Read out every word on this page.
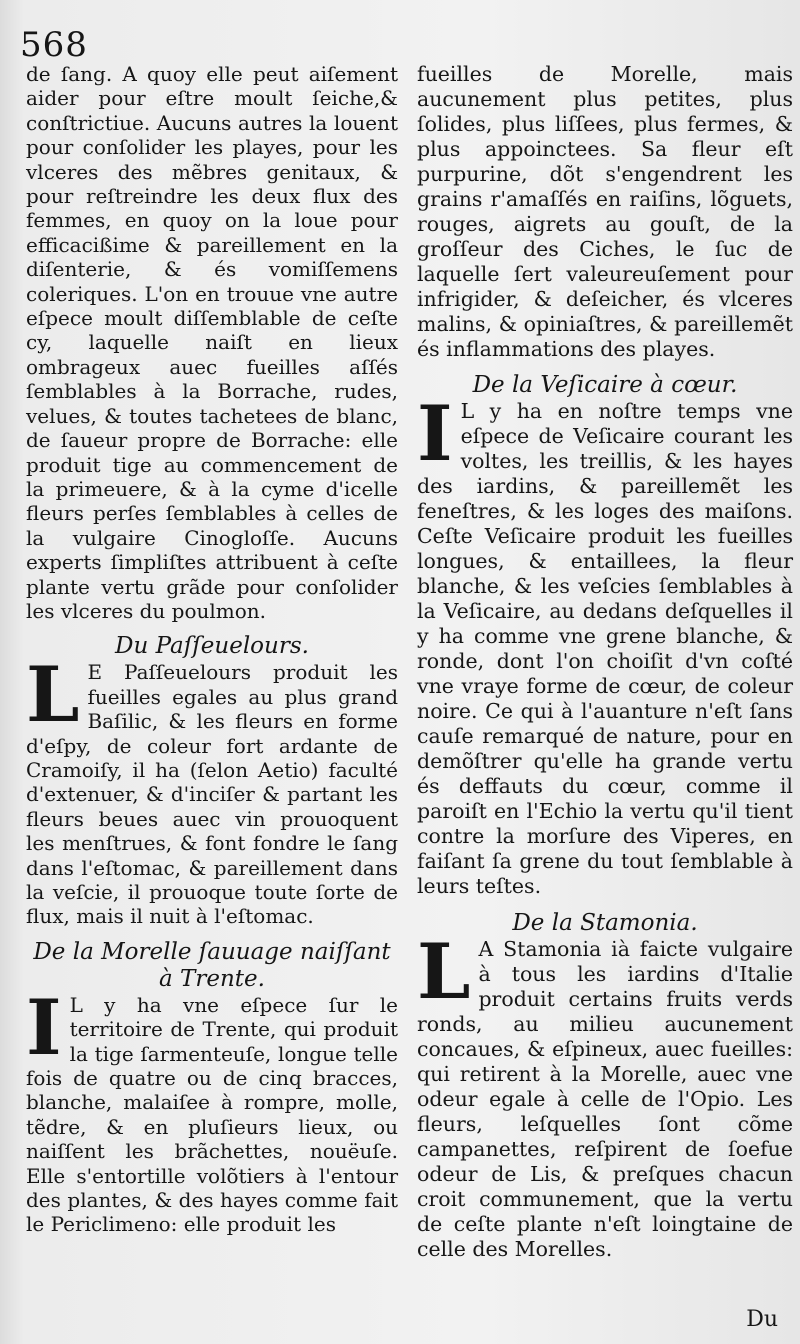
568

de ſang. A quoy elle peut aiſement aider pour eſtre moult ſeiche,& conſtrictiue. Aucuns autres la louent pour conſolider les playes, pour les vlceres des mẽbres genitaux, & pour reſtreindre les deux flux des femmes, en quoy on la loue pour efficacißime & pareillement en la diſenterie, & és vomiſſemens coleriques. L'on en trouue vne autre eſpece moult diſſemblable de ceſte cy, laquelle naiſt en lieux ombrageux auec fueilles aſſés ſemblables à la Borrache, rudes, velues, & toutes tachetees de blanc, de ſaueur propre de Borrache: elle produit tige au commencement de la primeuere, & à la cyme d'icelle fleurs perſes ſemblables à celles de la vulgaire Cinogloſſe. Aucuns experts ſimpliſtes attribuent à ceſte plante vertu grãde pour conſolider les vlceres du poulmon.

Du Paſſeuelours.

L E Paſſeuelours produit les fueilles egales au plus grand Baſilic, & les fleurs en forme d'eſpy, de coleur fort ardante de Cramoiſy, il ha (ſelon Aetio) faculté d'extenuer, & d'inciſer & partant les fleurs beues auec vin prouoquent les menſtrues, & font fondre le ſang dans l'eſtomac, & pareillement dans la veſcie, il prouoque toute ſorte de flux, mais il nuit à l'eſtomac.

De la Morelle ſauuage naiſſant à Trente.

I L y ha vne eſpece ſur le territoire de Trente, qui produit la tige ſarmenteuſe, longue telle fois de quatre ou de cinq bracces, blanche, malaiſee à rompre, molle, tẽdre, & en pluſieurs lieux, ou naiſſent les brãchettes, nouëuſe. Elle s'entortille volõtiers à l'entour des plantes, & des hayes comme fait le Periclimeno: elle produit les

fueilles de Morelle, mais aucunement plus petites, plus ſolides, plus liſſees, plus fermes, & plus appoinctees. Sa fleur eſt purpurine, dõt s'engendrent les grains r'amaſſés en raiſins, lõguets, rouges, aigrets au gouſt, de la groſſeur des Ciches, le ſuc de laquelle ſert valeureuſement pour infrigider, & deſeicher, és vlceres malins, & opiniaſtres, & pareillemẽt és inflammations des playes.

De la Veſicaire à cœur.

I L y ha en noſtre temps vne eſpece de Veſicaire courant les voltes, les treillis, & les hayes des iardins, & pareillemẽt les feneſtres, & les loges des maiſons. Ceſte Veſicaire produit les fueilles longues, & entaillees, la fleur blanche, & les veſcies ſemblables à la Veſicaire, au dedans deſquelles il y ha comme vne grene blanche, & ronde, dont l'on choiſit d'vn coſté vne vraye forme de cœur, de coleur noire. Ce qui à l'auanture n'eſt ſans cauſe remarqué de nature, pour en demõſtrer qu'elle ha grande vertu és deffauts du cœur, comme il paroiſt en l'Echio la vertu qu'il tient contre la morſure des Viperes, en faiſant ſa grene du tout ſemblable à leurs teſtes.

De la Stamonia.

L A Stamonia ià faicte vulgaire à tous les iardins d'Italie produit certains fruits verds ronds, au milieu aucunement concaues, & eſpineux, auec fueilles: qui retirent à la Morelle, auec vne odeur egale à celle de l'Opio. Les fleurs, leſquelles ſont cõme campanettes, reſpirent de ſoefue odeur de Lis, & preſques chacun croit communement, que la vertu de ceſte plante n'eſt loingtaine de celle des Morelles.

Du
